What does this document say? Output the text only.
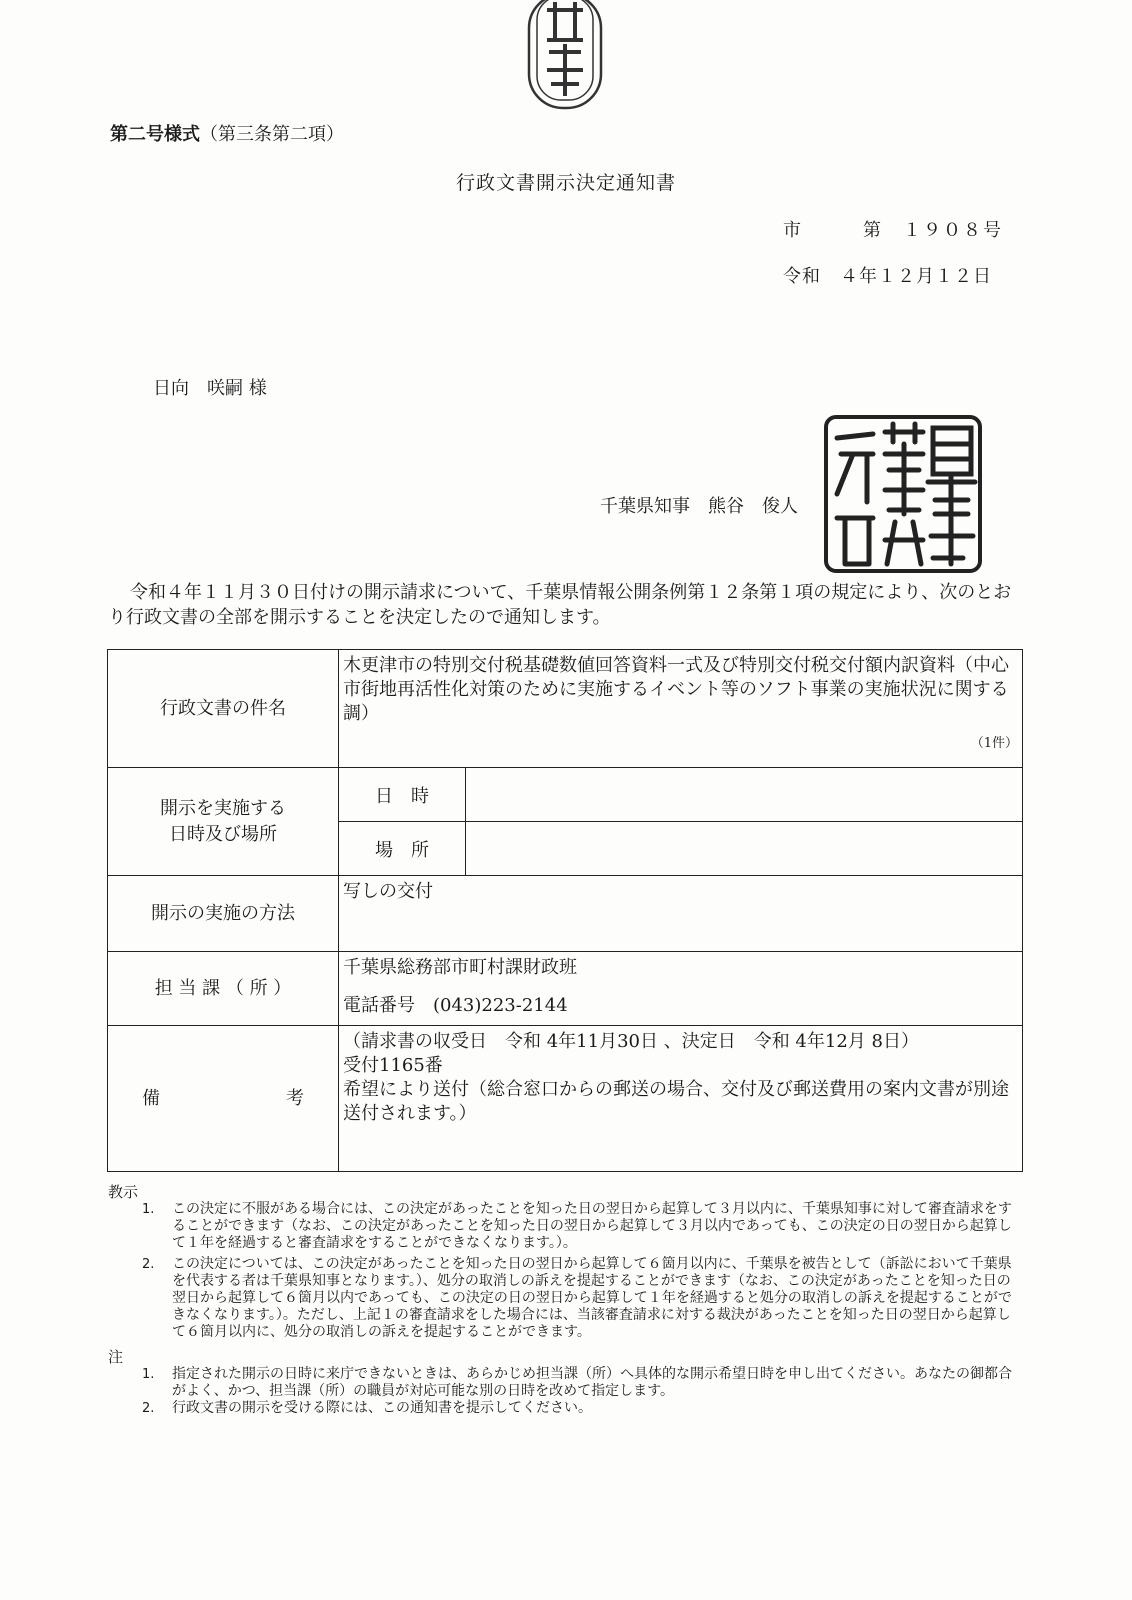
第二号様式（第三条第二項）
行政文書開示決定通知書
市　　　第　１９０８号
令和　４年１２月１２日
日向　咲嗣 様
千葉県知事　熊谷　俊人
令和４年１１月３０日付けの開示請求について、千葉県情報公開条例第１２条第１項の規定により、次のとおり行政文書の全部を開示することを決定したので通知します。
行政文書の件名	木更津市の特別交付税基礎数値回答資料一式及び特別交付税交付額内訳資料（中心市街地再活性化対策のために実施するイベント等のソフト事業の実施状況に関する調）
（1件）	

開示を実施する
日時及び場所	日　時	
	場　所	
開示の実施の方法	写しの交付	
担 当 課 （ 所 ）	千葉県総務部市町村課財政班
電話番号　(043)223-2144	

備　　　　　　　考	（請求書の収受日　令和 4年11月30日 、決定日　令和 4年12月 8日）
受付1165番
希望により送付（総合窓口からの郵送の場合、交付及び郵送費用の案内文書が別途送付されます。）	
教示
1. この決定に不服がある場合には、この決定があったことを知った日の翌日から起算して３月以内に、千葉県知事に対して審査請求をすることができます（なお、この決定があったことを知った日の翌日から起算して３月以内であっても、この決定の日の翌日から起算して１年を経過すると審査請求をすることができなくなります。）。
2. この決定については、この決定があったことを知った日の翌日から起算して６箇月以内に、千葉県を被告として（訴訟において千葉県を代表する者は千葉県知事となります。）、処分の取消しの訴えを提起することができます（なお、この決定があったことを知った日の翌日から起算して６箇月以内であっても、この決定の日の翌日から起算して１年を経過すると処分の取消しの訴えを提起することができなくなります。）。ただし、上記１の審査請求をした場合には、当該審査請求に対する裁決があったことを知った日の翌日から起算して６箇月以内に、処分の取消しの訴えを提起することができます。
注
1. 指定された開示の日時に来庁できないときは、あらかじめ担当課（所）へ具体的な開示希望日時を申し出てください。あなたの御都合がよく、かつ、担当課（所）の職員が対応可能な別の日時を改めて指定します。
2. 行政文書の開示を受ける際には、この通知書を提示してください。
